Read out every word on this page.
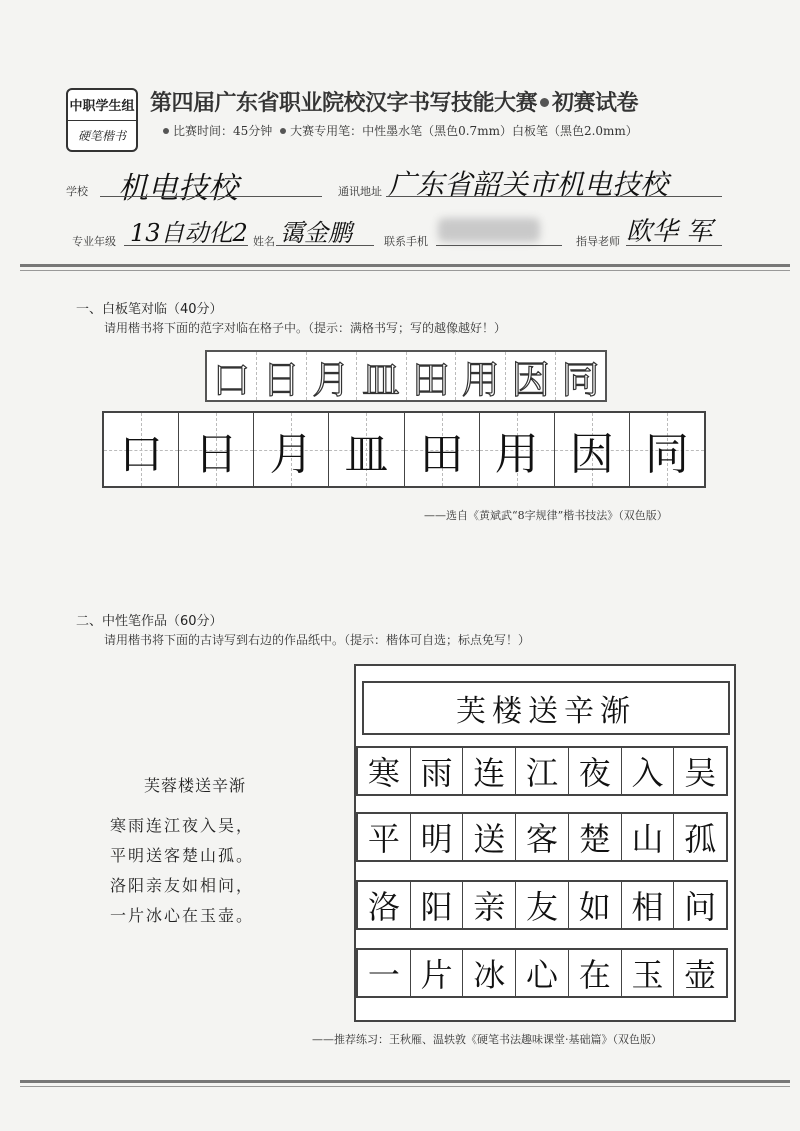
中职学生组
硬笔楷书
第四届广东省职业院校汉字书写技能大赛 初赛试卷
比赛时间：45分钟 大赛专用笔：中性墨水笔（黑色0.7mm）白板笔（黑色2.0mm）
学校 机电技校	通讯地址 广东省韶关市机电技校
专业年级 13自动化2 姓名 霭金鹏	联系手机	指导老师 欧华 军
一、白板笔对临（40分）
请用楷书将下面的范字对临在格子中。（提示：满格书写；写的越像越好！）
口 日 月 皿 田 用 因 同
口 日 月 皿 田 用 因 同
——选自《黄斌武“8字规律”楷书技法》（双色版）
二、中性笔作品（60分）
请用楷书将下面的古诗写到右边的作品纸中。（提示：楷体可自选；标点免写！）
芙蓉楼送辛渐
寒雨连江夜入吴，
平明送客楚山孤。
洛阳亲友如相问，
一片冰心在玉壶。
芙楼送辛渐
寒 雨 连 江 夜 入 吴
平 明 送 客 楚 山 孤
洛 阳 亲 友 如 相 问
一 片 冰 心 在 玉 壶
——推荐练习：王秋雁、温轶敦《硬笔书法趣味课堂·基础篇》（双色版）
